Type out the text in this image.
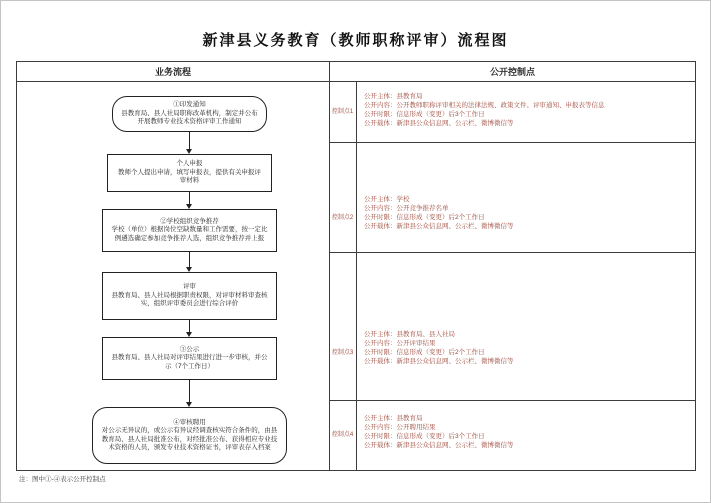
新津县义务教育（教师职称评审）流程图
业务流程	公开控制点
①印发通知
县教育局、县人社局职称改革机构，制定并公布开展教师专业技术资格评审工作通知
个人申报
教师个人提出申请，填写申报表，提供有关申报评审材料
②学校组织竞争推荐
学校（单位）根据岗位空缺数量和工作需要，按一定比例遴选确定参加竞争推荐人选，组织竞争推荐并上报
评审
县教育局、县人社局根据职责权限，对评审材料审查核实，组织评审委员会进行综合评价
③公示
县教育局、县人社局对评审结果进行进一步审核，并公示（7个工作日）
④审核聘用
对公示无异议的，或公示有异议经调查核实符合条件的，由县教育局、县人社局批准公布，对经批准公布、获得相应专业技术资格的人员，颁发专业技术资格证书，评审表存入档案
控制点1
公开主体：县教育局
公开内容：公开教师职称评审相关的法律法规、政策文件、评审通知、申报表等信息
公开时限：信息形成（变更）后3个工作日
公开载体：新津县公众信息网、公示栏、微博微信等
控制点2
公开主体：学校
公开内容：公开竞争推荐名单
公开时限：信息形成（变更）后2个工作日
公开载体：新津县公众信息网、公示栏、微博微信等
控制点3
公开主体：县教育局、县人社局
公开内容：公开评审结果
公开时限：信息形成（变更）后2个工作日
公开载体：新津县公众信息网、公示栏、微博微信等
控制点4
公开主体：县教育局
公开内容：公开聘用结果
公开时限：信息形成（变更）后3个工作日
公开载体：新津县公众信息网、公示栏、微博微信等
注：图中①-④表示公开控制点
